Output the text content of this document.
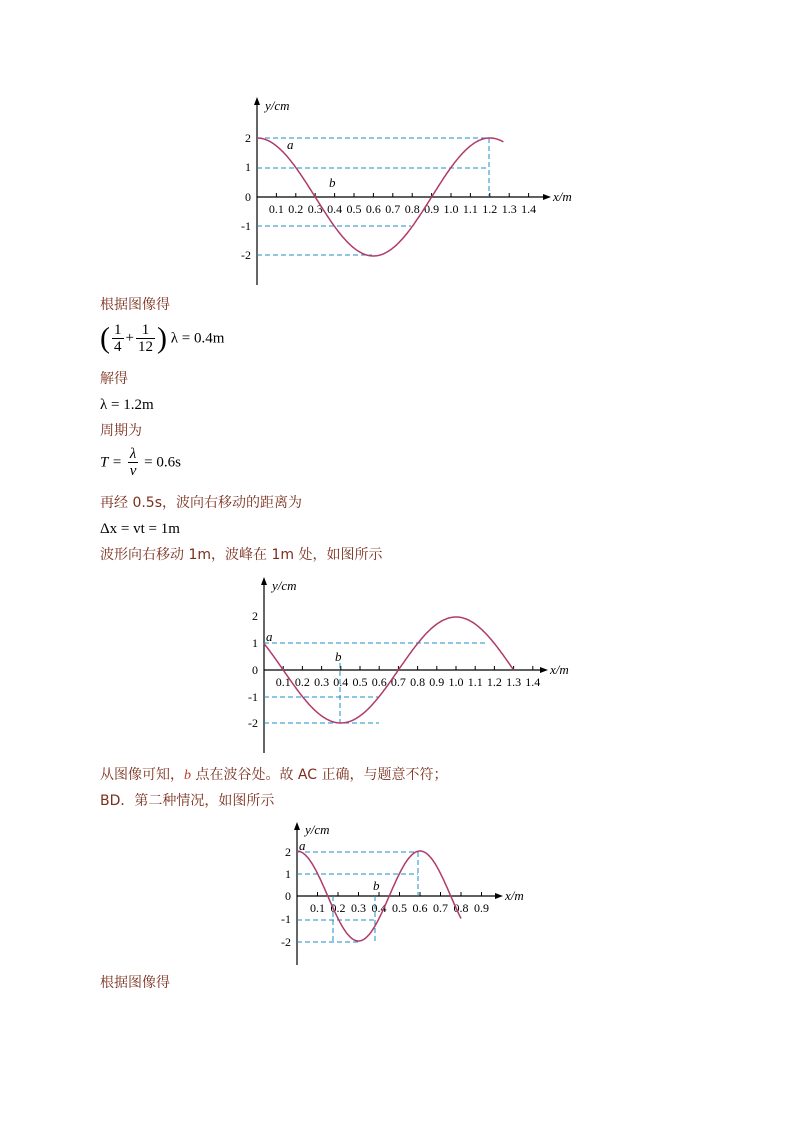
y/cm
x/m
2
1
0
-1
-2
0.1 0.2 0.3 0.4 0.5 0.6 0.7 0.8 0.9 1.0 1.1 1.2 1.3 1.4
a
b
根据图像得
( $\frac{1}{4} + \frac{1}{12}$ ) λ = 0.4m
解得
λ = 1.2m
周期为
$T = \frac{\lambda}{v} = 0.6s$
再经 0.5s，波向右移动的距离为
Δx = vt = 1m
波形向右移动 1m，波峰在 1m 处，如图所示
y/cm
x/m
2
1
0
-1
-2
0.1 0.2 0.3 0.4 0.5 0.6 0.7 0.8 0.9 1.0 1.1 1.2 1.3 1.4
a
b
从图像可知，b 点在波谷处。故 AC 正确，与题意不符；
BD．第二种情况，如图所示
y/cm
x/m
2
1
0
-1
-2
0.1 0.2 0.3 0.4 0.5 0.6 0.7 0.8 0.9
a
b
根据图像得
